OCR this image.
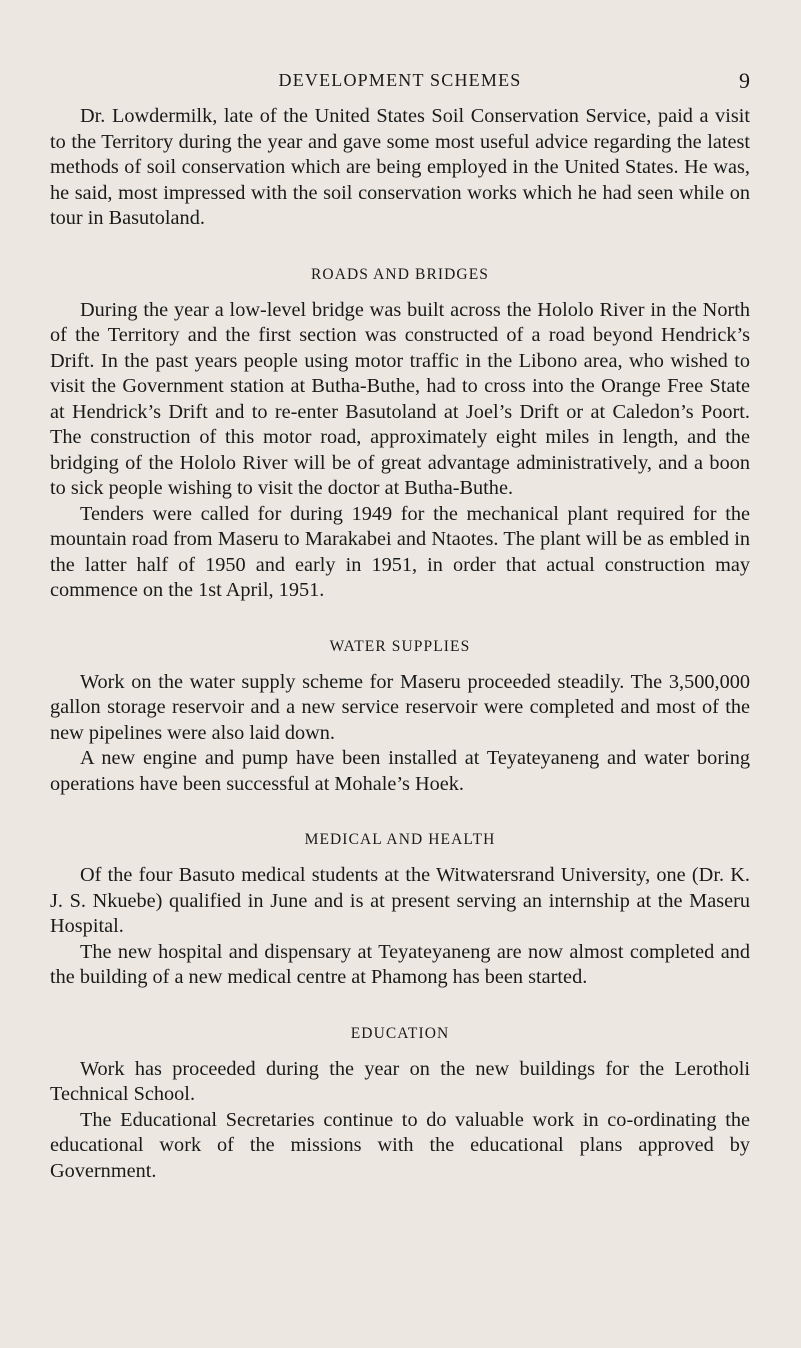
DEVELOPMENT SCHEMES	9

Dr. Lowdermilk, late of the United States Soil Conservation Service, paid a visit to the Territory during the year and gave some most useful advice regarding the latest methods of soil conservation which are being employed in the United States. He was, he said, most impressed with the soil conservation works which he had seen while on tour in Basutoland.

ROADS AND BRIDGES

During the year a low-level bridge was built across the Hololo River in the North of the Territory and the first section was constructed of a road beyond Hendrick’s Drift. In the past years people using motor traffic in the Libono area, who wished to visit the Government station at Butha-Buthe, had to cross into the Orange Free State at Hendrick’s Drift and to re-enter Basutoland at Joel’s Drift or at Caledon’s Poort. The construction of this motor road, approximately eight miles in length, and the bridging of the Hololo River will be of great advantage administratively, and a boon to sick people wishing to visit the doctor at Butha-Buthe.

Tenders were called for during 1949 for the mechanical plant required for the mountain road from Maseru to Marakabei and Ntaotes. The plant will be as embled in the latter half of 1950 and early in 1951, in order that actual construction may commence on the 1st April, 1951.

WATER SUPPLIES

Work on the water supply scheme for Maseru proceeded steadily. The 3,500,000 gallon storage reservoir and a new service reservoir were completed and most of the new pipelines were also laid down.

A new engine and pump have been installed at Teyateyaneng and water boring operations have been successful at Mohale’s Hoek.

MEDICAL AND HEALTH

Of the four Basuto medical students at the Witwatersrand University, one (Dr. K. J. S. Nkuebe) qualified in June and is at present serving an internship at the Maseru Hospital.

The new hospital and dispensary at Teyateyaneng are now almost completed and the building of a new medical centre at Phamong has been started.

EDUCATION

Work has proceeded during the year on the new buildings for the Lerotholi Technical School.

The Educational Secretaries continue to do valuable work in co-ordinating the educational work of the missions with the educational plans approved by Government.
